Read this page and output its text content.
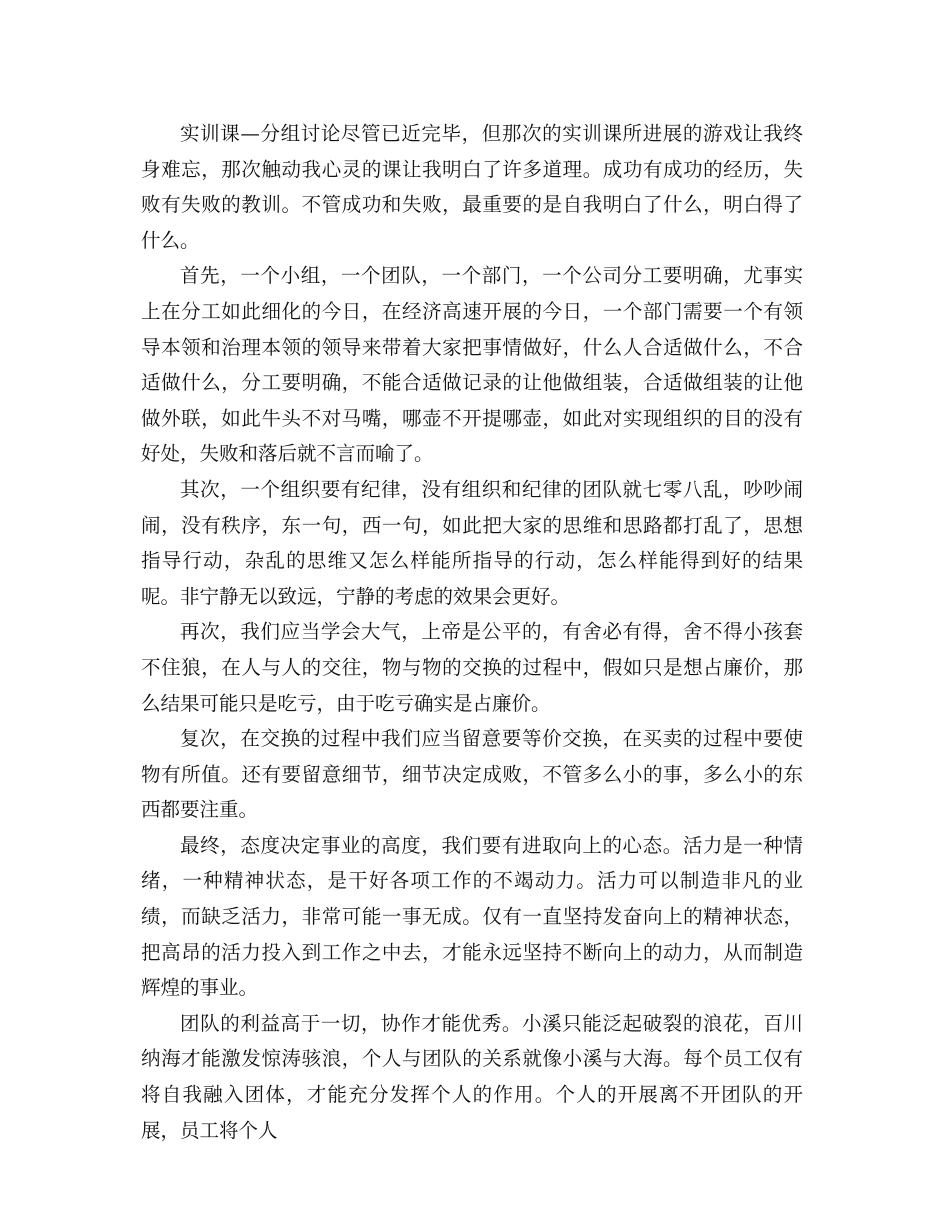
实训课—分组讨论尽管已近完毕，但那次的实训课所进展的游戏让我终身难忘，那次触动我心灵的课让我明白了许多道理。成功有成功的经历，失败有失败的教训。不管成功和失败，最重要的是自我明白了什么，明白得了什么。

首先，一个小组，一个团队，一个部门，一个公司分工要明确，尤事实上在分工如此细化的今日，在经济高速开展的今日，一个部门需要一个有领导本领和治理本领的领导来带着大家把事情做好，什么人合适做什么，不合适做什么，分工要明确，不能合适做记录的让他做组装，合适做组装的让他做外联，如此牛头不对马嘴，哪壶不开提哪壶，如此对实现组织的目的没有好处，失败和落后就不言而喻了。

其次，一个组织要有纪律，没有组织和纪律的团队就七零八乱，吵吵闹闹，没有秩序，东一句，西一句，如此把大家的思维和思路都打乱了，思想指导行动，杂乱的思维又怎么样能所指导的行动，怎么样能得到好的结果呢。非宁静无以致远，宁静的考虑的效果会更好。

再次，我们应当学会大气，上帝是公平的，有舍必有得，舍不得小孩套不住狼，在人与人的交往，物与物的交换的过程中，假如只是想占廉价，那么结果可能只是吃亏，由于吃亏确实是占廉价。

复次，在交换的过程中我们应当留意要等价交换，在买卖的过程中要使物有所值。还有要留意细节，细节决定成败，不管多么小的事，多么小的东西都要注重。

最终，态度决定事业的高度，我们要有进取向上的心态。活力是一种情绪，一种精神状态，是干好各项工作的不竭动力。活力可以制造非凡的业绩，而缺乏活力，非常可能一事无成。仅有一直坚持发奋向上的精神状态，把高昂的活力投入到工作之中去，才能永远坚持不断向上的动力，从而制造辉煌的事业。

团队的利益高于一切，协作才能优秀。小溪只能泛起破裂的浪花，百川纳海才能激发惊涛骇浪，个人与团队的关系就像小溪与大海。每个员工仅有将自我融入团体，才能充分发挥个人的作用。个人的开展离不开团队的开展，员工将个人
